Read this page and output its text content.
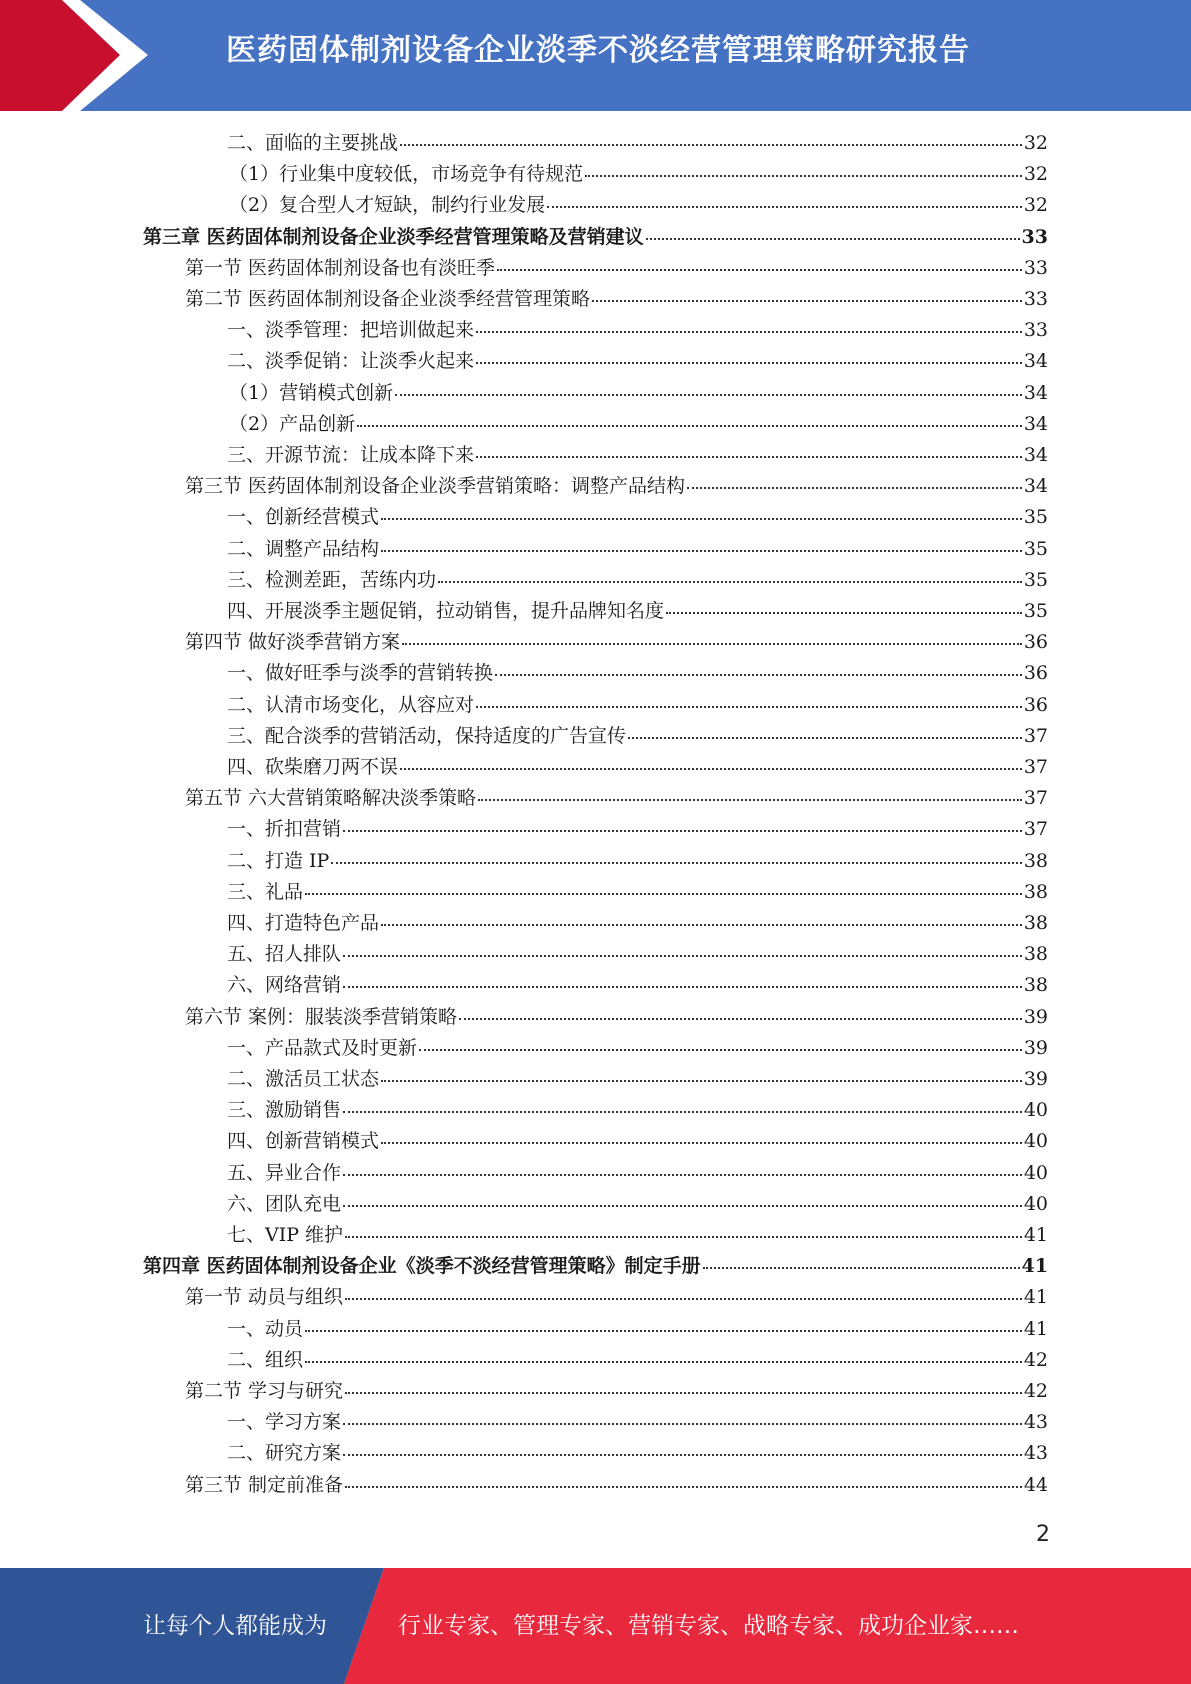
医药固体制剂设备企业淡季不淡经营管理策略研究报告
二、面临的主要挑战	32
（1）行业集中度较低，市场竞争有待规范	32
（2）复合型人才短缺，制约行业发展	32
第三章 医药固体制剂设备企业淡季经营管理策略及营销建议	33
第一节 医药固体制剂设备也有淡旺季	33
第二节 医药固体制剂设备企业淡季经营管理策略	33
一、淡季管理：把培训做起来	33
二、淡季促销：让淡季火起来	34
（1）营销模式创新	34
（2）产品创新	34
三、开源节流：让成本降下来	34
第三节 医药固体制剂设备企业淡季营销策略：调整产品结构	34
一、创新经营模式	35
二、调整产品结构	35
三、检测差距，苦练内功	35
四、开展淡季主题促销，拉动销售，提升品牌知名度	35
第四节 做好淡季营销方案	36
一、做好旺季与淡季的营销转换	36
二、认清市场变化，从容应对	36
三、配合淡季的营销活动，保持适度的广告宣传	37
四、砍柴磨刀两不误	37
第五节 六大营销策略解决淡季策略	37
一、折扣营销	37
二、打造 IP	38
三、礼品	38
四、打造特色产品	38
五、招人排队	38
六、网络营销	38
第六节 案例：服装淡季营销策略	39
一、产品款式及时更新	39
二、激活员工状态	39
三、激励销售	40
四、创新营销模式	40
五、异业合作	40
六、团队充电	40
七、VIP 维护	41
第四章 医药固体制剂设备企业《淡季不淡经营管理策略》制定手册	41
第一节 动员与组织	41
一、动员	41
二、组织	42
第二节 学习与研究	42
一、学习方案	43
二、研究方案	43
第三节 制定前准备	44
2
让每个人都能成为	行业专家、管理专家、营销专家、战略专家、成功企业家……
